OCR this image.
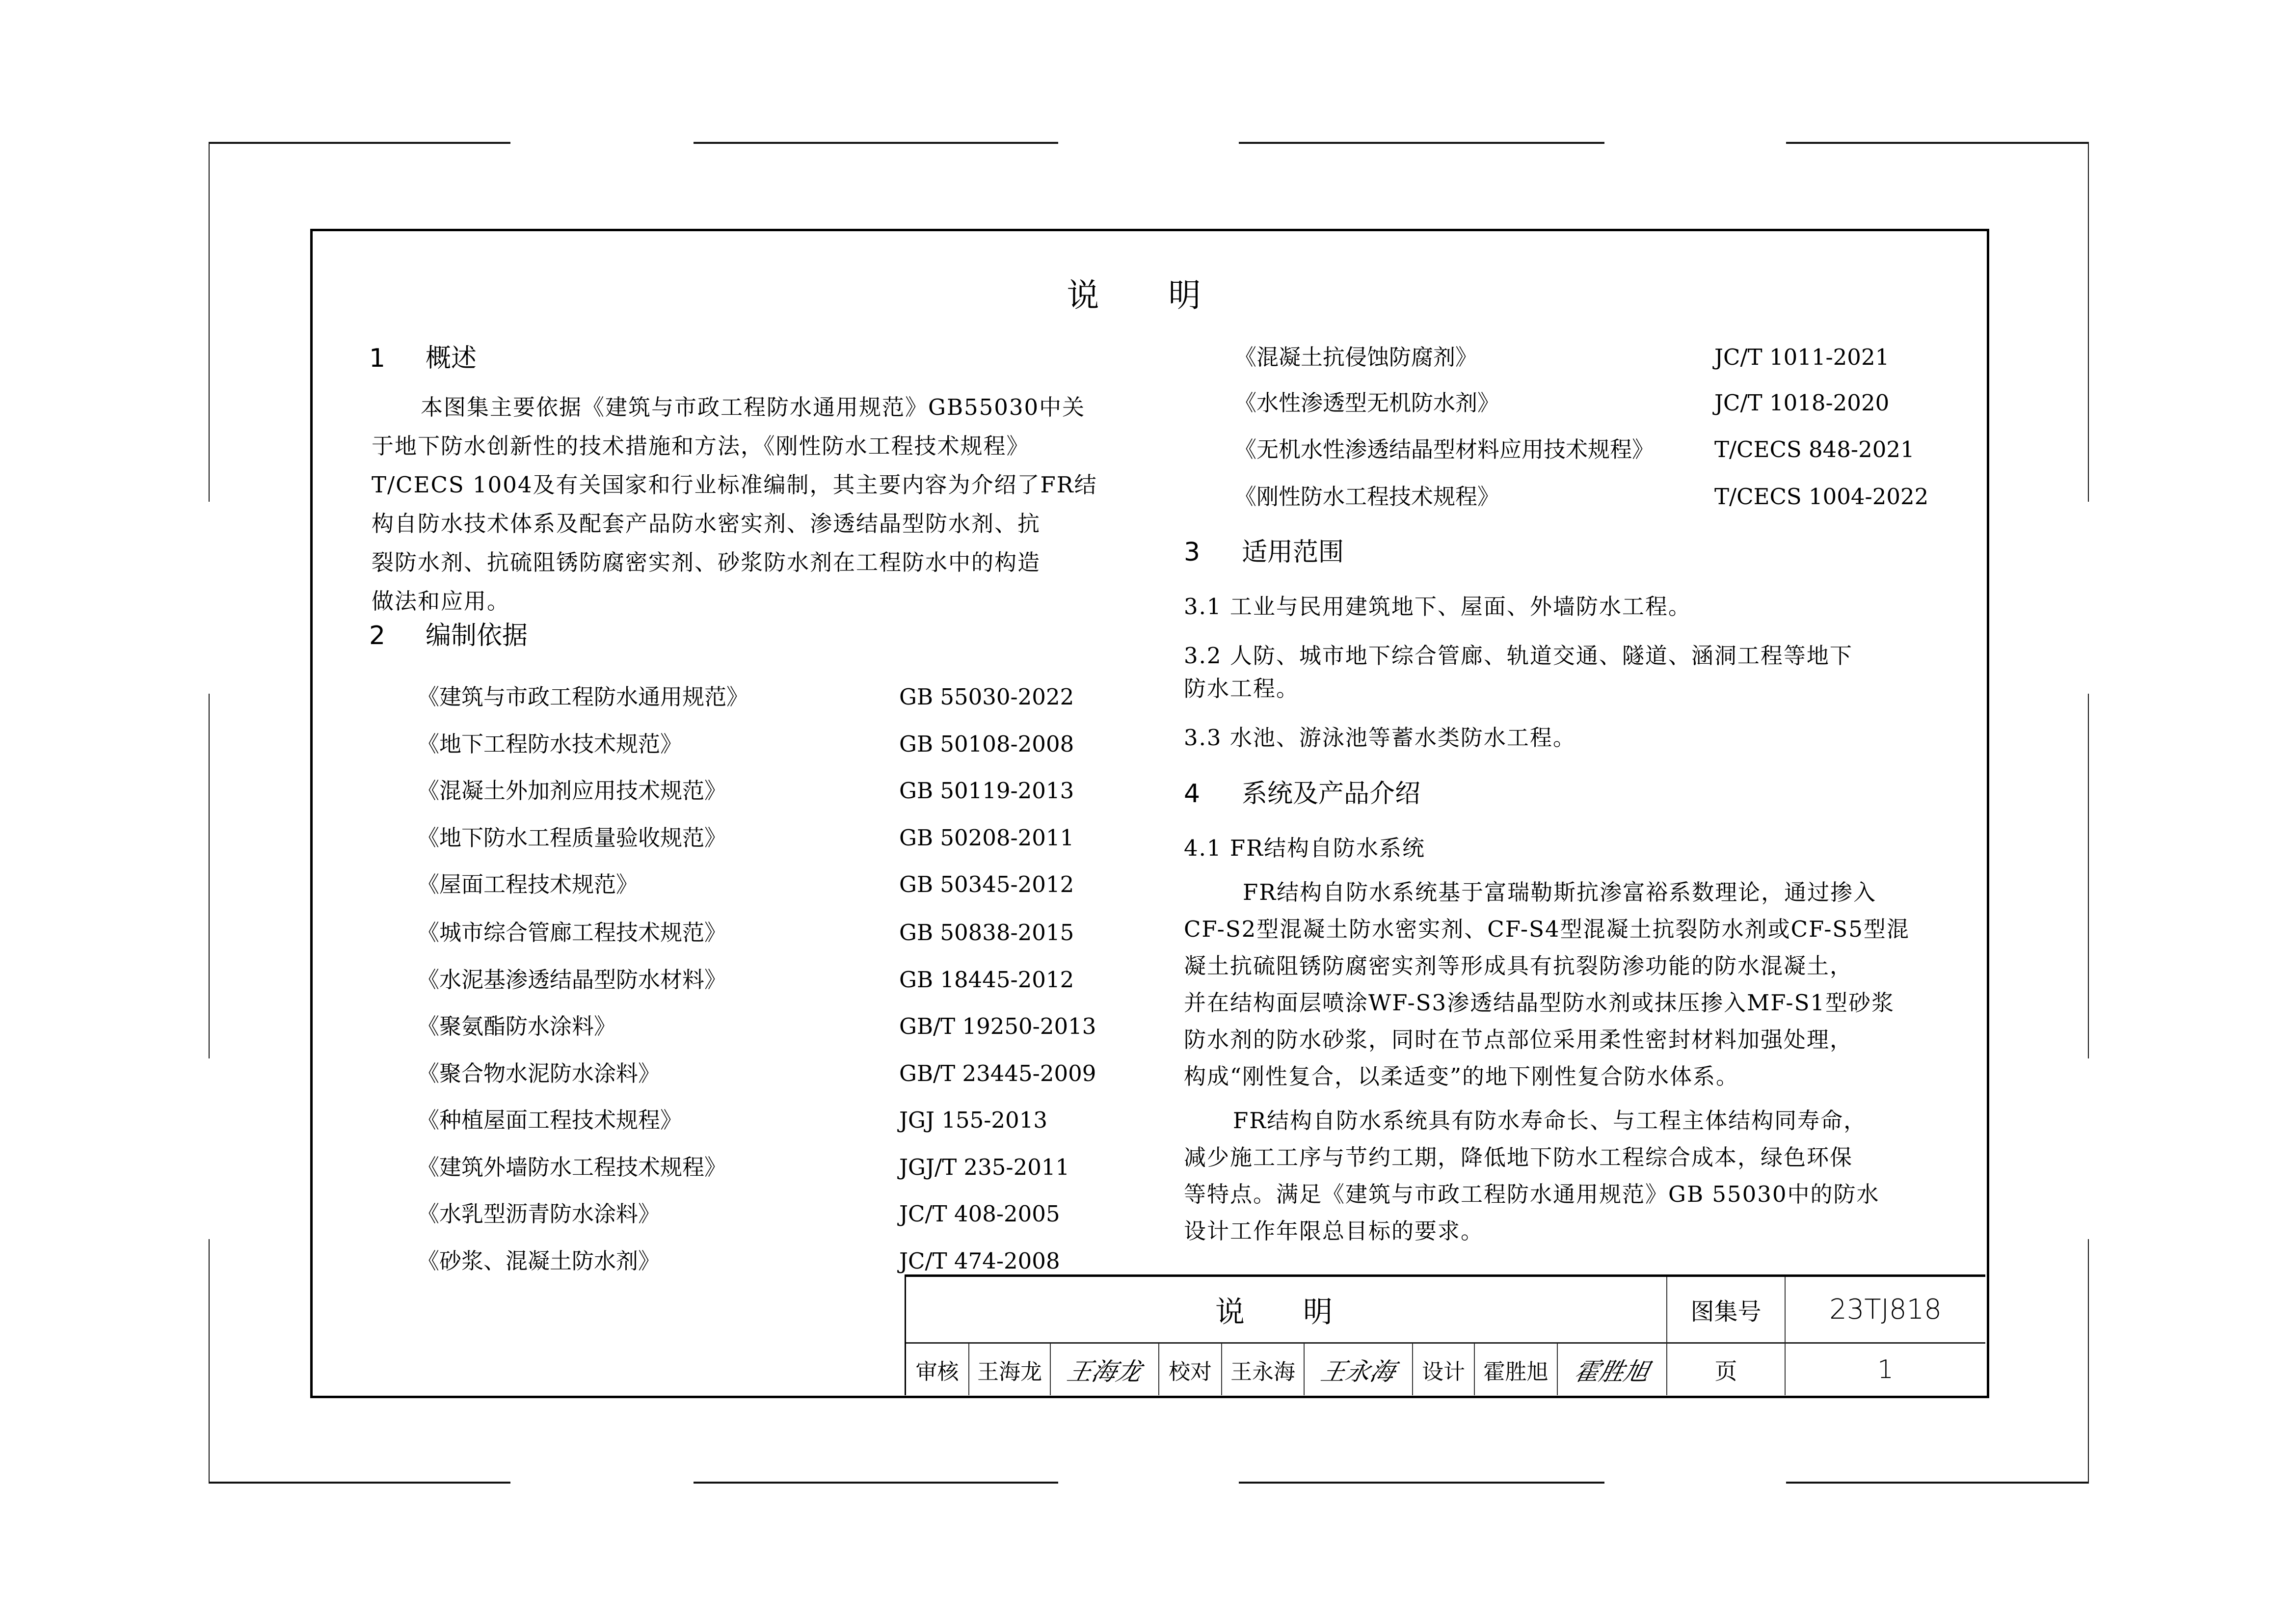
说 明
1 概述
本图集主要依据《建筑与市政工程防水通用规范》GB55030中关
于地下防水创新性的技术措施和方法，《刚性防水工程技术规程》
T/CECS 1004及有关国家和行业标准编制，其主要内容为介绍了FR结
构自防水技术体系及配套产品防水密实剂、渗透结晶型防水剂、抗
裂防水剂、抗硫阻锈防腐密实剂、砂浆防水剂在工程防水中的构造
做法和应用。
2 编制依据
《建筑与市政工程防水通用规范》	GB 55030-2022
《地下工程防水技术规范》	GB 50108-2008
《混凝土外加剂应用技术规范》	GB 50119-2013
《地下防水工程质量验收规范》	GB 50208-2011
《屋面工程技术规范》	GB 50345-2012
《城市综合管廊工程技术规范》	GB 50838-2015
《水泥基渗透结晶型防水材料》	GB 18445-2012
《聚氨酯防水涂料》	GB/T 19250-2013
《聚合物水泥防水涂料》	GB/T 23445-2009
《种植屋面工程技术规程》	JGJ 155-2013
《建筑外墙防水工程技术规程》	JGJ/T 235-2011
《水乳型沥青防水涂料》	JC/T 408-2005
《砂浆、混凝土防水剂》	JC/T 474-2008
《混凝土抗侵蚀防腐剂》	JC/T 1011-2021
《水性渗透型无机防水剂》	JC/T 1018-2020
《无机水性渗透结晶型材料应用技术规程》	T/CECS 848-2021
《刚性防水工程技术规程》	T/CECS 1004-2022
3 适用范围
3.1 工业与民用建筑地下、屋面、外墙防水工程。
3.2 人防、城市地下综合管廊、轨道交通、隧道、涵洞工程等地下
防水工程。
3.3 水池、游泳池等蓄水类防水工程。
4 系统及产品介绍
4.1 FR结构自防水系统
FR结构自防水系统基于富瑞勒斯抗渗富裕系数理论，通过掺入
CF-S2型混凝土防水密实剂、CF-S4型混凝土抗裂防水剂或CF-S5型混
凝土抗硫阻锈防腐密实剂等形成具有抗裂防渗功能的防水混凝土，
并在结构面层喷涂WF-S3渗透结晶型防水剂或抹压掺入MF-S1型砂浆
防水剂的防水砂浆，同时在节点部位采用柔性密封材料加强处理，
构成“刚性复合，以柔适变”的地下刚性复合防水体系。
FR结构自防水系统具有防水寿命长、与工程主体结构同寿命，
减少施工工序与节约工期，降低地下防水工程综合成本，绿色环保
等特点。满足《建筑与市政工程防水通用规范》GB 55030中的防水
设计工作年限总目标的要求。
说 明	图集号 23TJ818
审核 王海龙 王海龙 校对 王永海 王永海 设计 霍胜旭 霍胜旭	页	1
